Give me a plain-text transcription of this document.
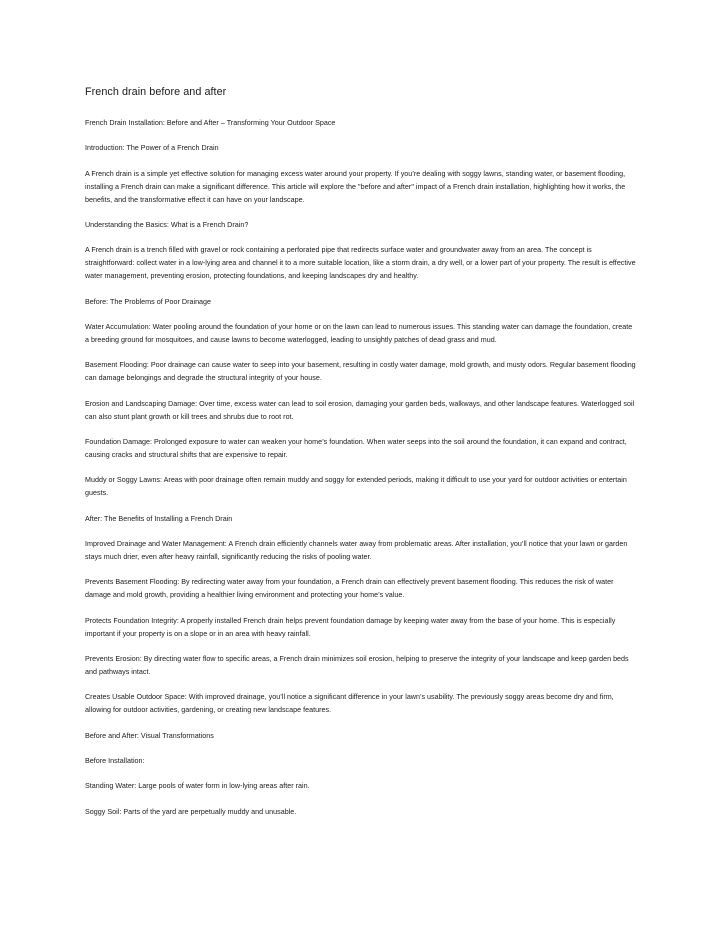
French drain before and after

French Drain Installation: Before and After – Transforming Your Outdoor Space

Introduction: The Power of a French Drain

A French drain is a simple yet effective solution for managing excess water around your property. If you’re dealing with soggy lawns, standing water, or basement flooding, installing a French drain can make a significant difference. This article will explore the "before and after" impact of a French drain installation, highlighting how it works, the benefits, and the transformative effect it can have on your landscape.

Understanding the Basics: What is a French Drain?

A French drain is a trench filled with gravel or rock containing a perforated pipe that redirects surface water and groundwater away from an area. The concept is straightforward: collect water in a low-lying area and channel it to a more suitable location, like a storm drain, a dry well, or a lower part of your property. The result is effective water management, preventing erosion, protecting foundations, and keeping landscapes dry and healthy.

Before: The Problems of Poor Drainage

Water Accumulation: Water pooling around the foundation of your home or on the lawn can lead to numerous issues. This standing water can damage the foundation, create a breeding ground for mosquitoes, and cause lawns to become waterlogged, leading to unsightly patches of dead grass and mud.

Basement Flooding: Poor drainage can cause water to seep into your basement, resulting in costly water damage, mold growth, and musty odors. Regular basement flooding can damage belongings and degrade the structural integrity of your house.

Erosion and Landscaping Damage: Over time, excess water can lead to soil erosion, damaging your garden beds, walkways, and other landscape features. Waterlogged soil can also stunt plant growth or kill trees and shrubs due to root rot.

Foundation Damage: Prolonged exposure to water can weaken your home’s foundation. When water seeps into the soil around the foundation, it can expand and contract, causing cracks and structural shifts that are expensive to repair.

Muddy or Soggy Lawns: Areas with poor drainage often remain muddy and soggy for extended periods, making it difficult to use your yard for outdoor activities or entertain guests.

After: The Benefits of Installing a French Drain

Improved Drainage and Water Management: A French drain efficiently channels water away from problematic areas. After installation, you’ll notice that your lawn or garden stays much drier, even after heavy rainfall, significantly reducing the risks of pooling water.

Prevents Basement Flooding: By redirecting water away from your foundation, a French drain can effectively prevent basement flooding. This reduces the risk of water damage and mold growth, providing a healthier living environment and protecting your home’s value.

Protects Foundation Integrity: A properly installed French drain helps prevent foundation damage by keeping water away from the base of your home. This is especially important if your property is on a slope or in an area with heavy rainfall.

Prevents Erosion: By directing water flow to specific areas, a French drain minimizes soil erosion, helping to preserve the integrity of your landscape and keep garden beds and pathways intact.

Creates Usable Outdoor Space: With improved drainage, you’ll notice a significant difference in your lawn’s usability. The previously soggy areas become dry and firm, allowing for outdoor activities, gardening, or creating new landscape features.

Before and After: Visual Transformations

Before Installation:

Standing Water: Large pools of water form in low-lying areas after rain.

Soggy Soil: Parts of the yard are perpetually muddy and unusable.
